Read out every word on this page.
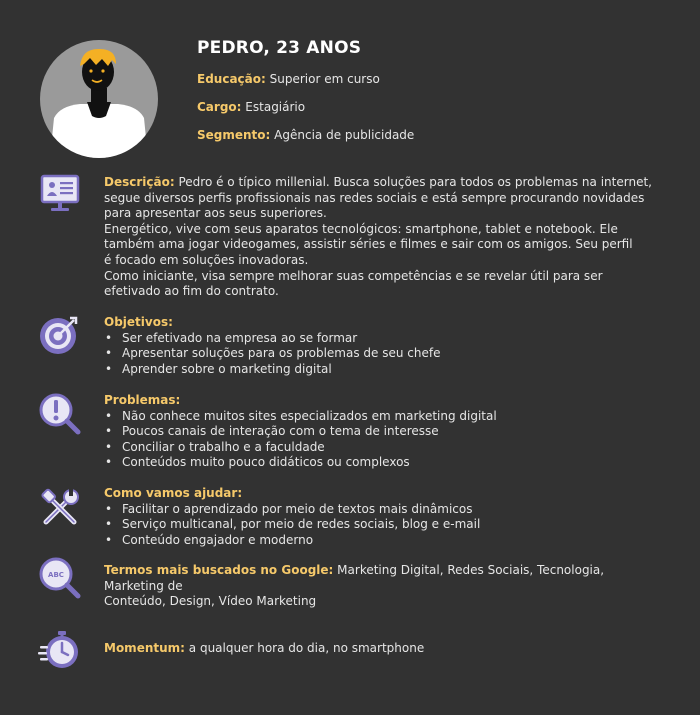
PEDRO, 23 ANOS
Educação: Superior em curso
Cargo: Estagiário
Segmento: Agência de publicidade

Descrição: Pedro é o típico millenial. Busca soluções para todos os problemas na internet,

segue diversos perfis profissionais nas redes sociais e está sempre procurando novidades

para apresentar aos seus superiores.

Energético, vive com seus aparatos tecnológicos: smartphone, tablet e notebook. Ele

também ama jogar videogames, assistir séries e filmes e sair com os amigos. Seu perfil

é focado em soluções inovadoras.

Como iniciante, visa sempre melhorar suas competências e se revelar útil para ser

efetivado ao fim do contrato.

Objetivos:
• Ser efetivado na empresa ao se formar
• Apresentar soluções para os problemas de seu chefe
• Aprender sobre o marketing digital
Problemas:
• Não conhece muitos sites especializados em marketing digital
• Poucos canais de interação com o tema de interesse
• Conciliar o trabalho e a faculdade
• Conteúdos muito pouco didáticos ou complexos
Como vamos ajudar:
• Facilitar o aprendizado por meio de textos mais dinâmicos
• Serviço multicanal, por meio de redes sociais, blog e e-mail
• Conteúdo engajador e moderno
ABC	Termos mais buscados no Google: Marketing Digital, Redes Sociais, Tecnologia, Marketing de

Conteúdo, Design, Vídeo Marketing

Momentum: a qualquer hora do dia, no smartphone
